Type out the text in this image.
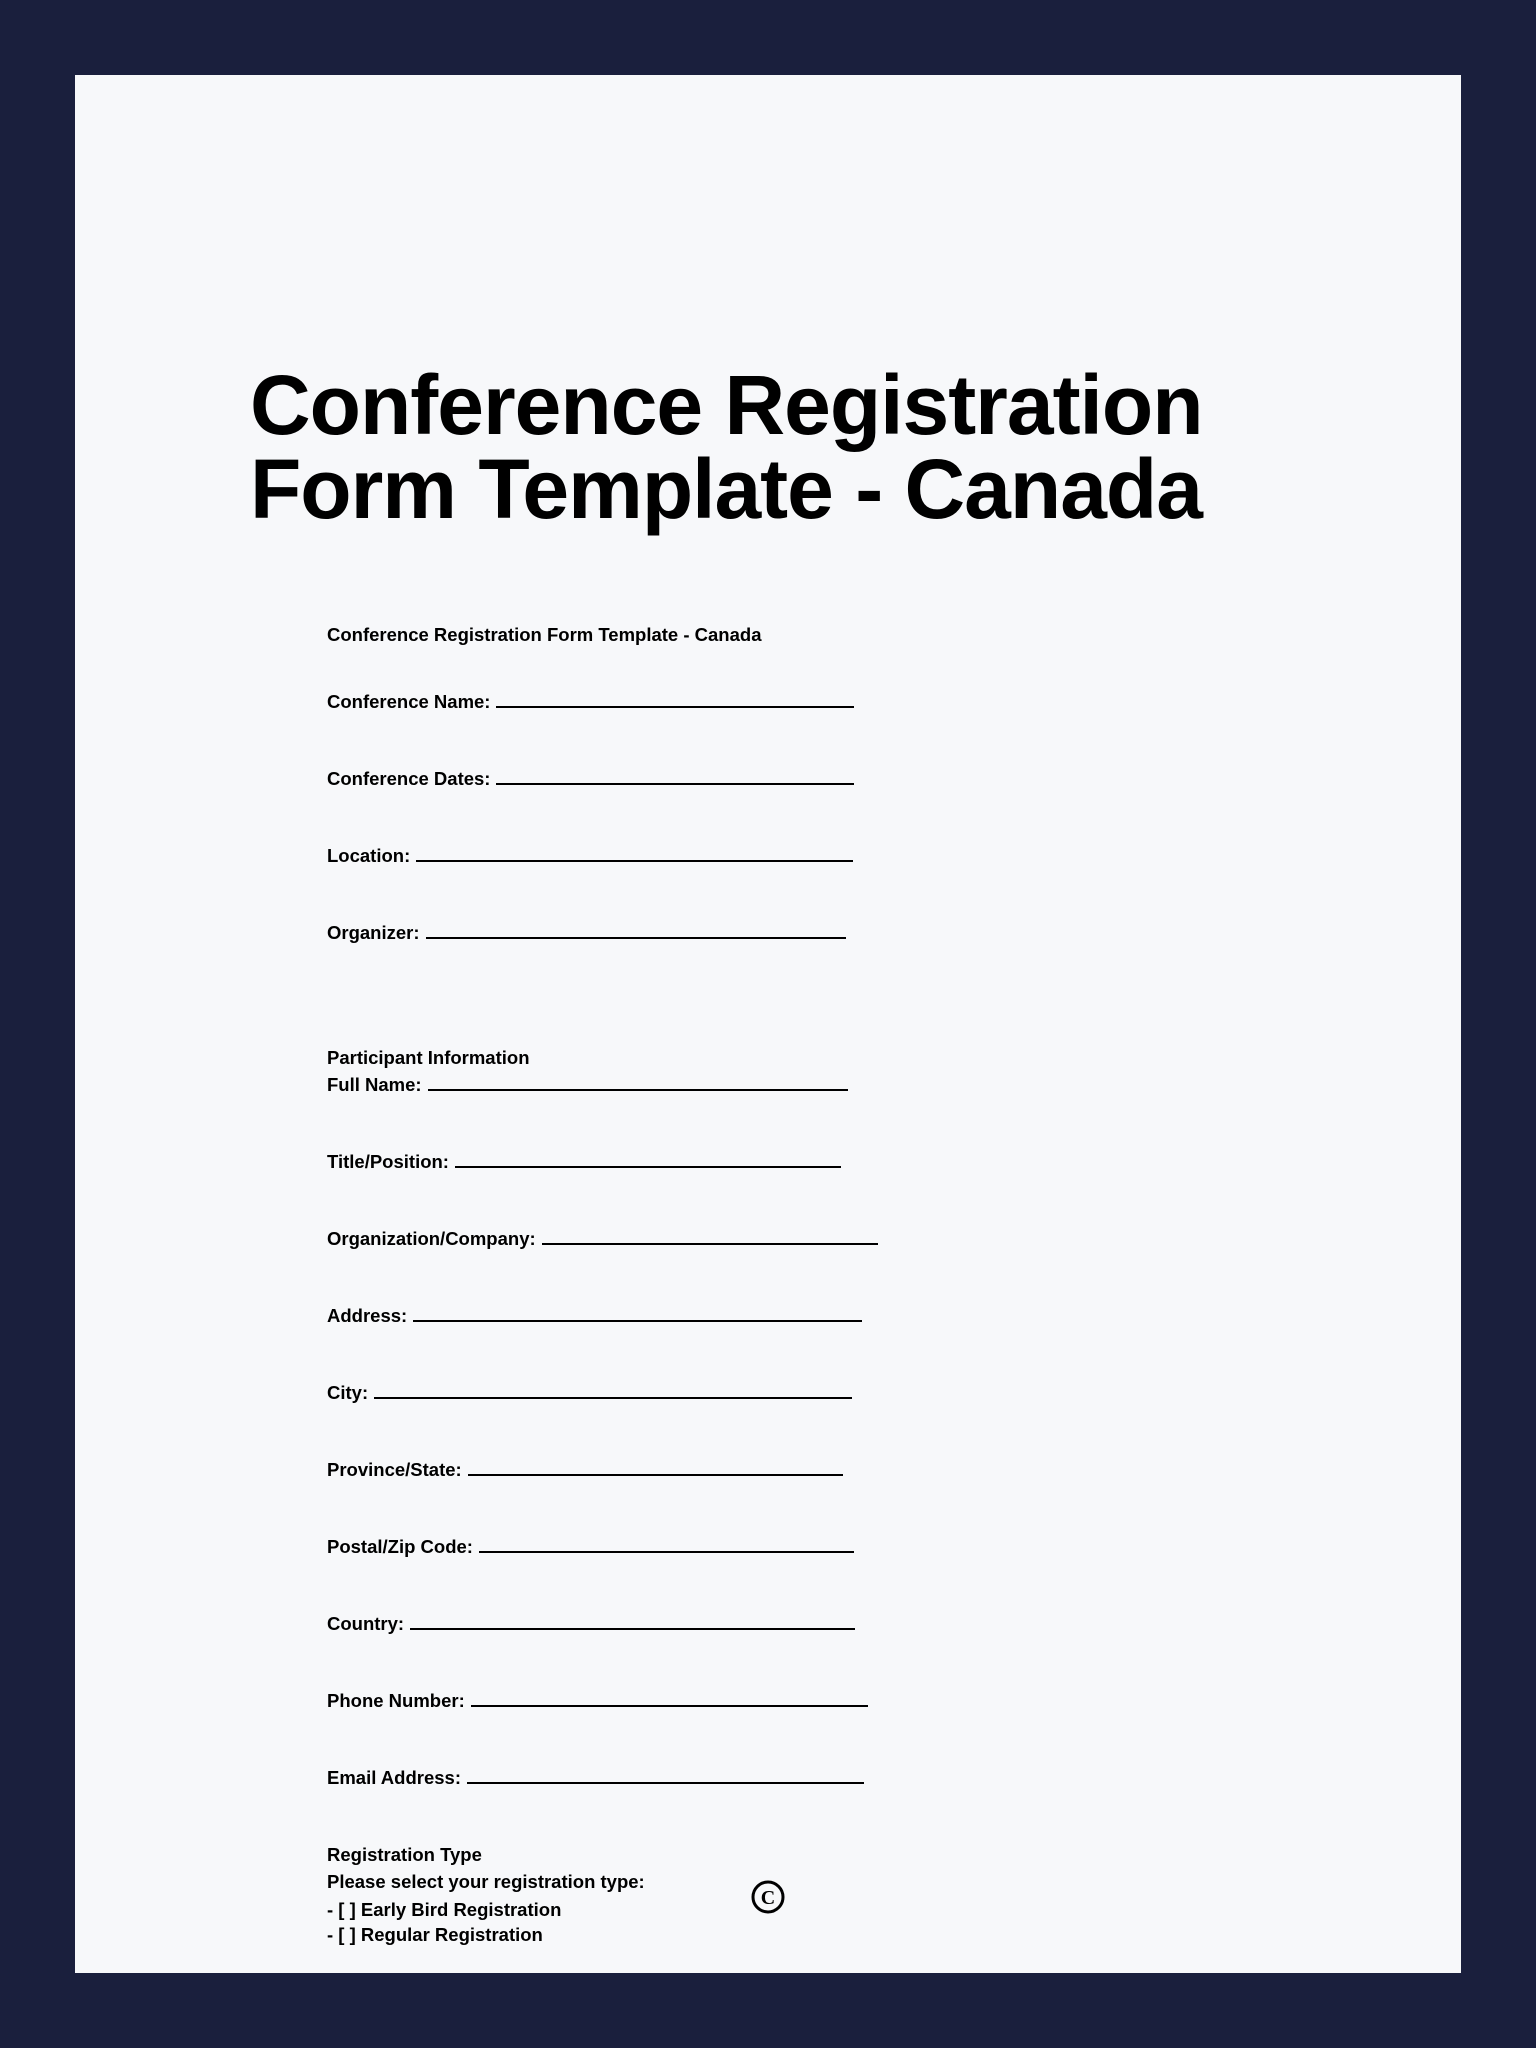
Conference Registration Form Template - Canada
Conference Registration Form Template - Canada
Conference Name:
Conference Dates:
Location:
Organizer:
Participant Information
Full Name:
Title/Position:
Organization/Company:
Address:
City:
Province/State:
Postal/Zip Code:
Country:
Phone Number:
Email Address:
Registration Type
Please select your registration type:
- [ ] Early Bird Registration
- [ ] Regular Registration
C
